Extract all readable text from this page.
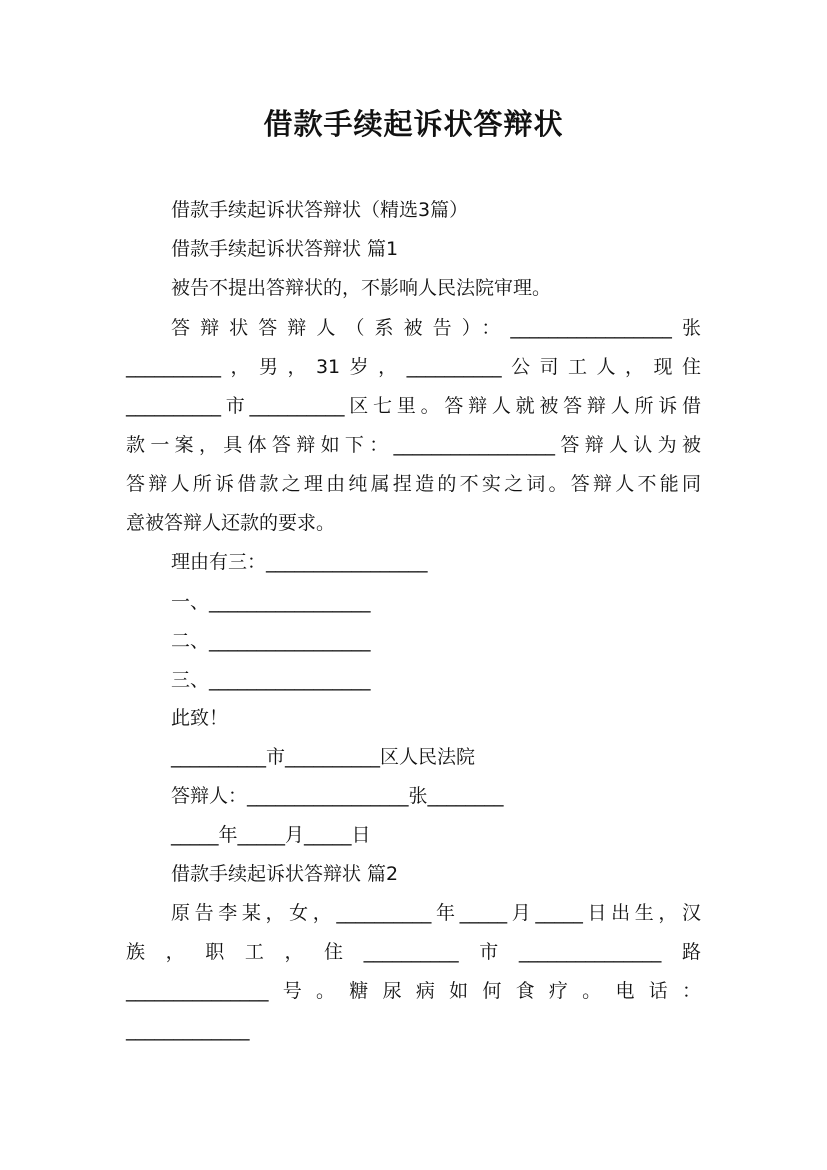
借款手续起诉状答辩状
借款手续起诉状答辩状（精选3篇）
借款手续起诉状答辩状 篇1
被告不提出答辩状的，不影响人民法院审理。
答辩状答辩人（系被告）：_________________张
__________，男，31岁，__________公司工人，现住
__________市__________区七里。答辩人就被答辩人所诉借
款一案，具体答辩如下：_________________答辩人认为被
答辩人所诉借款之理由纯属捏造的不实之词。答辩人不能同
意被答辩人还款的要求。
理由有三：_________________
一、_________________
二、_________________
三、_________________
此致！
__________市__________区人民法院
答辩人：_________________张________
_____年_____月_____日
借款手续起诉状答辩状 篇2
原告李某，女，__________年_____月_____日出生，汉
族，职工，住__________市_______________路
_______________号。糖尿病如何食疗。电话：
_____________
